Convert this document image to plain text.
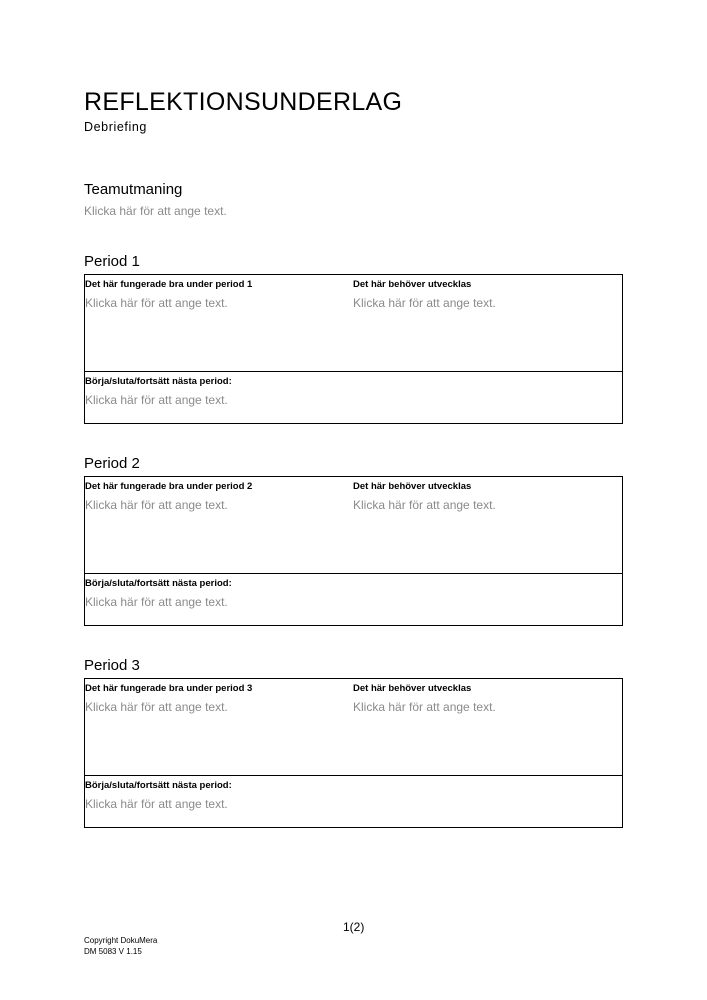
REFLEKTIONSUNDERLAG
Debriefing
Teamutmaning
Klicka här för att ange text.
Period 1
Det här fungerade bra under period 1
Klicka här för att ange text.
Det här behöver utvecklas
Klicka här för att ange text.
Börja/sluta/fortsätt nästa period:
Klicka här för att ange text.
Period 2
Det här fungerade bra under period 2
Klicka här för att ange text.
Det här behöver utvecklas
Klicka här för att ange text.
Börja/sluta/fortsätt nästa period:
Klicka här för att ange text.
Period 3
Det här fungerade bra under period 3
Klicka här för att ange text.
Det här behöver utvecklas
Klicka här för att ange text.
Börja/sluta/fortsätt nästa period:
Klicka här för att ange text.
1(2)
Copyright DokuMera
DM 5083 V 1.15
